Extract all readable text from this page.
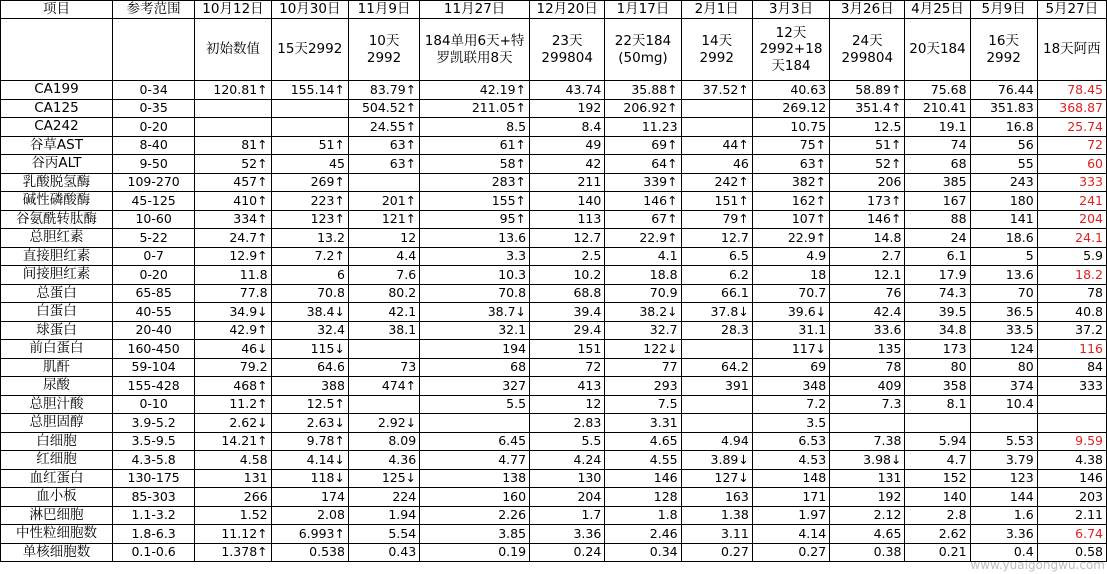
项目	参考范围	10月12日	10月30日	11月9日	11月27日	12月20日	1月17日	2月1日	3月3日	3月26日	4月25日	5月9日	5月27日
		初始数值	15天2992	10天2992	184单用6天+特罗凯联用8天	23天 299804	22天184 (50mg)	14天2992	12天 2992+18 天184	24天 299804	20天184	16天2992	18天阿西
CA199	0-34	120.81↑	155.14↑	83.79↑	42.19↑	43.74	35.88↑	37.52↑	40.63	58.89↑	75.68	76.44	78.45
CA125	0-35			504.52↑	211.05↑	192	206.92↑		269.12	351.4↑	210.41	351.83	368.87
CA242	0-20			24.55↑	8.5	8.4	11.23		10.75	12.5	19.1	16.8	25.74
谷草AST	8-40	81↑	51↑	63↑	61↑	49	69↑	44↑	75↑	51↑	74	56	72
谷丙ALT	9-50	52↑	45	63↑	58↑	42	64↑	46	63↑	52↑	68	55	60
乳酸脱氢酶	109-270	457↑	269↑		283↑	211	339↑	242↑	382↑	206	385	243	333
碱性磷酸酶	45-125	410↑	223↑	201↑	155↑	140	146↑	151↑	162↑	173↑	167	180	241
谷氨酰转肽酶	10-60	334↑	123↑	121↑	95↑	113	67↑	79↑	107↑	146↑	88	141	204
总胆红素	5-22	24.7↑	13.2	12	13.6	12.7	22.9↑	12.7	22.9↑	14.8	24	18.6	24.1
直接胆红素	0-7	12.9↑	7.2↑	4.4	3.3	2.5	4.1	6.5	4.9	2.7	6.1	5	5.9
间接胆红素	0-20	11.8	6	7.6	10.3	10.2	18.8	6.2	18	12.1	17.9	13.6	18.2
总蛋白	65-85	77.8	70.8	80.2	70.8	68.8	70.9	66.1	70.7	76	74.3	70	78
白蛋白	40-55	34.9↓	38.4↓	42.1	38.7↓	39.4	38.2↓	37.8↓	39.6↓	42.4	39.5	36.5	40.8
球蛋白	20-40	42.9↑	32.4	38.1	32.1	29.4	32.7	28.3	31.1	33.6	34.8	33.5	37.2
前白蛋白	160-450	46↓	115↓		194	151	122↓		117↓	135	173	124	116
肌酐	59-104	79.2	64.6	73	68	72	77	64.2	69	78	80	80	84
尿酸	155-428	468↑	388	474↑	327	413	293	391	348	409	358	374	333
总胆汁酸	0-10	11.2↑	12.5↑		5.5	12	7.5		7.2	7.3	8.1	10.4	
总胆固醇	3.9-5.2	2.62↓	2.63↓	2.92↓		2.83	3.31		3.5				
白细胞	3.5-9.5	14.21↑	9.78↑	8.09	6.45	5.5	4.65	4.94	6.53	7.38	5.94	5.53	9.59
红细胞	4.3-5.8	4.58	4.14↓	4.36	4.77	4.24	4.55	3.89↓	4.53	3.98↓	4.7	3.79	4.38
血红蛋白	130-175	131	118↓	125↓	138	130	146	127↓	148	131	152	123	146
血小板	85-303	266	174	224	160	204	128	163	171	192	140	144	203
淋巴细胞	1.1-3.2	1.52	2.08	1.94	2.26	1.7	1.8	1.38	1.97	2.12	2.8	1.6	2.11
中性粒细胞数	1.8-6.3	11.12↑	6.993↑	5.54	3.85	3.36	2.46	3.11	4.14	4.65	2.62	3.36	6.74
单核细胞数	0.1-0.6	1.378↑	0.538	0.43	0.19	0.24	0.34	0.27	0.27	0.38	0.21	0.4	0.58
www.yuaigongwu.com
